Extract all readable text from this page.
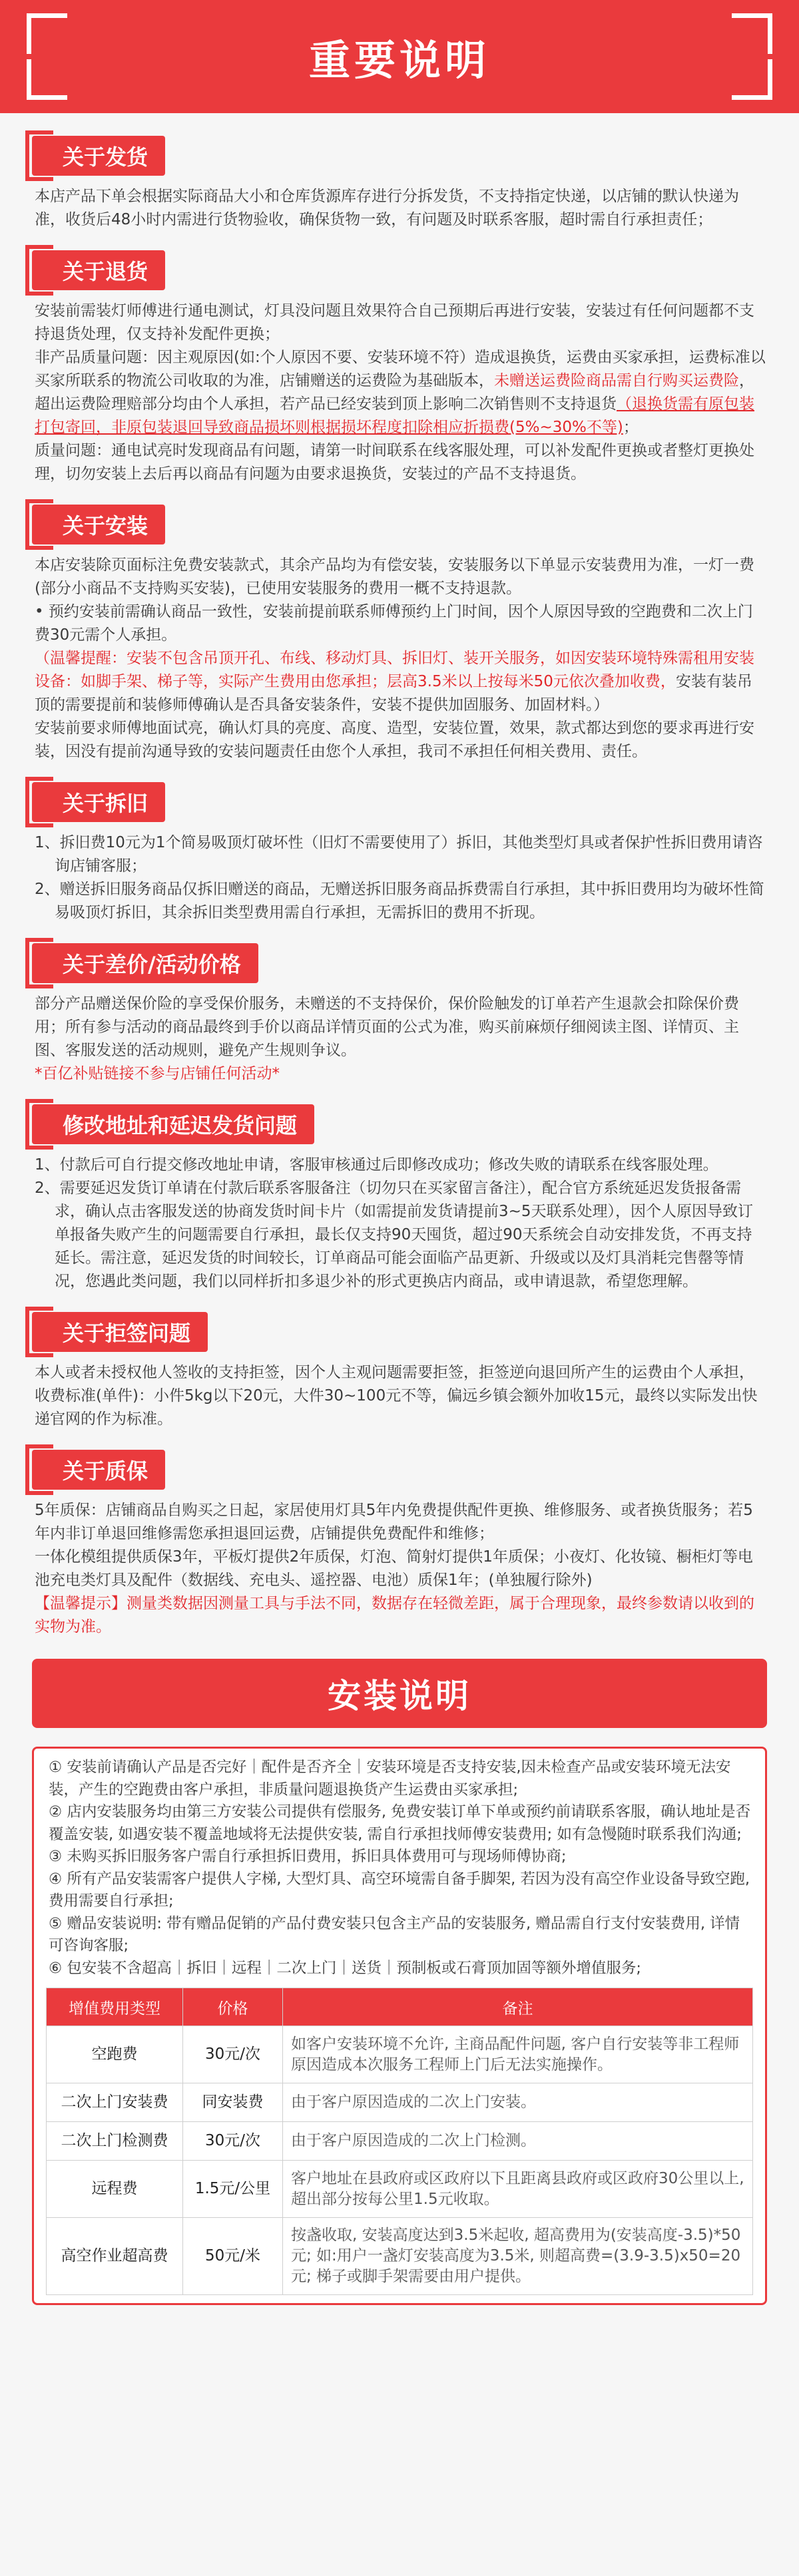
重要说明
关于发货

本店产品下单会根据实际商品大小和仓库货源库存进行分拆发货，不支持指定快递，以店铺的默认快递为准，收货后48小时内需进行货物验收，确保货物一致，有问题及时联系客服，超时需自行承担责任；

关于退货

安装前需装灯师傅进行通电测试，灯具没问题且效果符合自己预期后再进行安装，安装过有任何问题都不支持退货处理，仅支持补发配件更换；

非产品质量问题：因主观原因(如:个人原因不要、安装环境不符）造成退换货，运费由买家承担，运费标准以买家所联系的物流公司收取的为准，店铺赠送的运费险为基础版本，未赠送运费险商品需自行购买运费险，超出运费险理赔部分均由个人承担，若产品已经安装到顶上影响二次销售则不支持退货（退换货需有原包装打包寄回，非原包装退回导致商品损坏则根据损坏程度扣除相应折损费(5%~30%不等)；

质量问题：通电试亮时发现商品有问题，请第一时间联系在线客服处理，可以补发配件更换或者整灯更换处理，切勿安装上去后再以商品有问题为由要求退换货，安装过的产品不支持退货。

关于安装

本店安装除页面标注免费安装款式，其余产品均为有偿安装，安装服务以下单显示安装费用为准，一灯一费(部分小商品不支持购买安装)，已使用安装服务的费用一概不支持退款。

• 预约安装前需确认商品一致性，安装前提前联系师傅预约上门时间，因个人原因导致的空跑费和二次上门费30元需个人承担。

（温馨提醒：安装不包含吊顶开孔、布线、移动灯具、拆旧灯、装开关服务，如因安装环境特殊需租用安装设备：如脚手架、梯子等，实际产生费用由您承担；层高3.5米以上按每米50元依次叠加收费，安装有装吊顶的需要提前和装修师傅确认是否具备安装条件，安装不提供加固服务、加固材料。）

安装前要求师傅地面试亮，确认灯具的亮度、高度、造型，安装位置，效果，款式都达到您的要求再进行安装，因没有提前沟通导致的安装问题责任由您个人承担，我司不承担任何相关费用、责任。

关于拆旧

1、拆旧费10元为1个简易吸顶灯破坏性（旧灯不需要使用了）拆旧，其他类型灯具或者保护性拆旧费用请咨询店铺客服；

2、赠送拆旧服务商品仅拆旧赠送的商品，无赠送拆旧服务商品拆费需自行承担，其中拆旧费用均为破坏性简易吸顶灯拆旧，其余拆旧类型费用需自行承担，无需拆旧的费用不折现。

关于差价/活动价格

部分产品赠送保价险的享受保价服务，未赠送的不支持保价，保价险触发的订单若产生退款会扣除保价费用；所有参与活动的商品最终到手价以商品详情页面的公式为准，购买前麻烦仔细阅读主图、详情页、主图、客服发送的活动规则，避免产生规则争议。

*百亿补贴链接不参与店铺任何活动*

修改地址和延迟发货问题

1、付款后可自行提交修改地址申请，客服审核通过后即修改成功；修改失败的请联系在线客服处理。

2、需要延迟发货订单请在付款后联系客服备注（切勿只在买家留言备注），配合官方系统延迟发货报备需求，确认点击客服发送的协商发货时间卡片（如需提前发货请提前3~5天联系处理），因个人原因导致订单报备失败产生的问题需要自行承担，最长仅支持90天囤货，超过90天系统会自动安排发货，不再支持延长。需注意，延迟发货的时间较长，订单商品可能会面临产品更新、升级或以及灯具消耗完售罄等情况，您遇此类问题，我们以同样折扣多退少补的形式更换店内商品，或申请退款，希望您理解。

关于拒签问题

本人或者未授权他人签收的支持拒签，因个人主观问题需要拒签，拒签逆向退回所产生的运费由个人承担，收费标准(单件)：小件5kg以下20元，大件30~100元不等，偏远乡镇会额外加收15元，最终以实际发出快递官网的作为标准。

关于质保

5年质保：店铺商品自购买之日起，家居使用灯具5年内免费提供配件更换、维修服务、或者换货服务；若5年内非订单退回维修需您承担退回运费，店铺提供免费配件和维修；

一体化模组提供质保3年，平板灯提供2年质保，灯泡、简射灯提供1年质保；小夜灯、化妆镜、橱柜灯等电池充电类灯具及配件（数据线、充电头、遥控器、电池）质保1年；(单独履行除外)

【温馨提示】测量类数据因测量工具与手法不同，数据存在轻微差距，属于合理现象，最终参数请以收到的实物为准。

安装说明

① 安装前请确认产品是否完好｜配件是否齐全｜安装环境是否支持安装,因未检查产品或安装环境无法安装，产生的空跑费由客户承担，非质量问题退换货产生运费由买家承担;

② 店内安装服务均由第三方安装公司提供有偿服务, 免费安装订单下单或预约前请联系客服，确认地址是否覆盖安装, 如遇安装不覆盖地域将无法提供安装, 需自行承担找师傅安装费用; 如有急慢随时联系我们沟通;

③ 未购买拆旧服务客户需自行承担拆旧费用，拆旧具体费用可与现场师傅协商;

④ 所有产品安装需客户提供人字梯, 大型灯具、高空环境需自备手脚架, 若因为没有高空作业设备导致空跑, 费用需要自行承担;

⑤ 赠品安装说明: 带有赠品促销的产品付费安装只包含主产品的安装服务, 赠品需自行支付安装费用, 详情可咨询客服;

⑥ 包安装不含超高｜拆旧｜远程｜二次上门｜送货｜预制板或石膏顶加固等额外增值服务;

增值费用类型	价格	备注
空跑费	30元/次	如客户安装环境不允许, 主商品配件问题, 客户自行安装等非工程师原因造成本次服务工程师上门后无法实施操作。
二次上门安装费	同安装费	由于客户原因造成的二次上门安装。
二次上门检测费	30元/次	由于客户原因造成的二次上门检测。
远程费	1.5元/公里	客户地址在县政府或区政府以下且距离县政府或区政府30公里以上, 超出部分按每公里1.5元收取。
高空作业超高费	50元/米	按盏收取, 安装高度达到3.5米起收, 超高费用为(安装高度-3.5)*50元; 如:用户一盏灯安装高度为3.5米, 则超高费=(3.9-3.5)x50=20元; 梯子或脚手架需要由用户提供。
